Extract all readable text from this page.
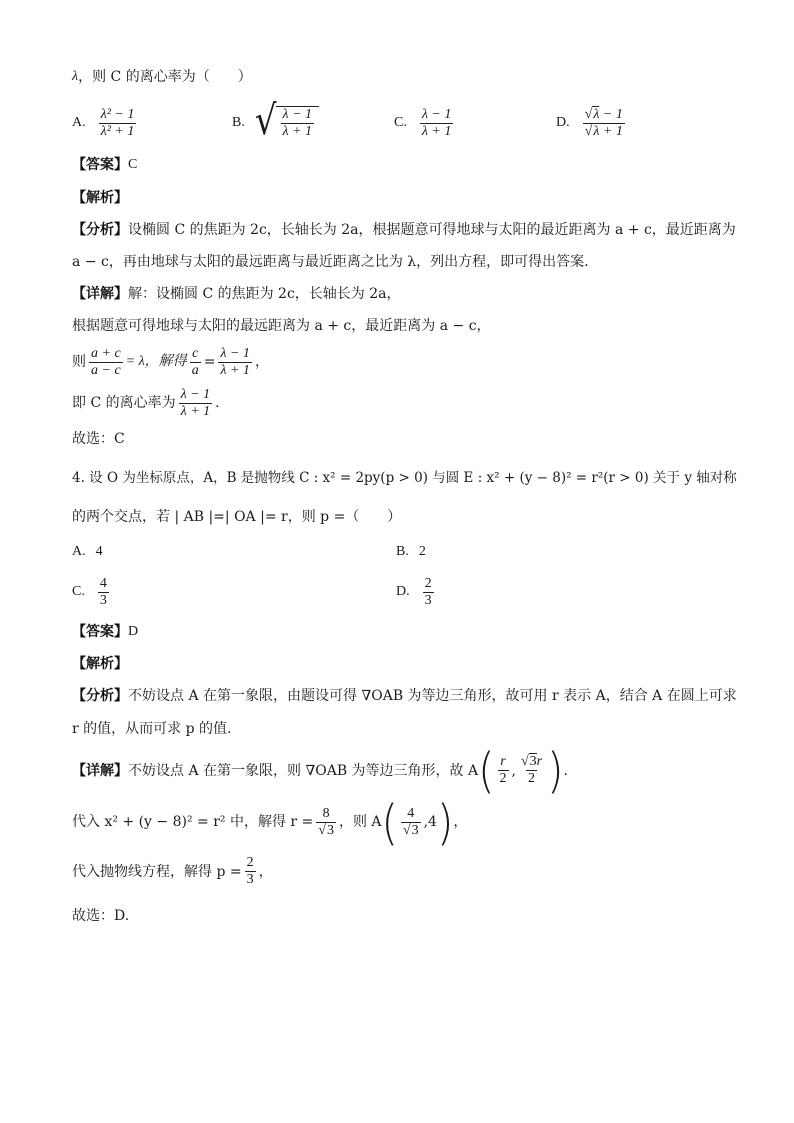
λ ，则 C 的离心率为（　　）
A. $\frac{\text{λ² − 1}}{\text{λ² + 1}}$	B. √ $\frac{\lambda - 1}{\lambda + 1}$	C. $\frac{\lambda - 1}{\lambda + 1}$	D. $\frac{√\lambda - 1}{√\lambda + 1}$
【答案】 C
【解析】
【分析】 设椭圆 C 的焦距为 2c，长轴长为 2a，根据题意可得地球与太阳的最近距离为 a + c，最近距离为
a − c，再由地球与太阳的最远距离与最近距离之比为 λ，列出方程，即可得出答案.
【详解】 解：设椭圆 C 的焦距为 2c，长轴长为 2a，
根据题意可得地球与太阳的最远距离为 a + c，最近距离为 a − c，
则 $\frac{a + c}{a - c} = \lambda$，解得 $\frac{c}{a} = \frac{\lambda - 1}{\lambda + 1}$ ，
即 C 的离心率为 $\frac{\lambda - 1}{\lambda + 1}$ .
故选：C
4. 设 O 为坐标原点，A，B 是抛物线 C : x² = 2py(p > 0) 与圆 E : x² + (y − 8)² = r²(r > 0) 关于 y 轴对称
的两个交点，若 | AB |=| OA |= r，则 p =（　　）
A. 4	B. 2
C. $\frac{4}{3}$	D. $\frac{2}{3}$
【答案】 D
【解析】
【分析】 不妨设点 A 在第一象限，由题设可得 ∇OAB 为等边三角形，故可用 r 表示 A，结合 A 在圆上可求
r 的值，从而可求 p 的值.
【详解】 不妨设点 A 在第一象限，则 ∇OAB 为等边三角形，故 A ( $\frac{r}{2}$ , $\frac{√3r}{2}$ ) .
代入 x² + (y − 8)² = r² 中，解得 $r = \frac{8}{√3}$ ，则 A ( $\frac{4}{√3} ,4$ ) ，
代入抛物线方程，解得 $p = \frac{2}{3}$ ，
故选：D.
